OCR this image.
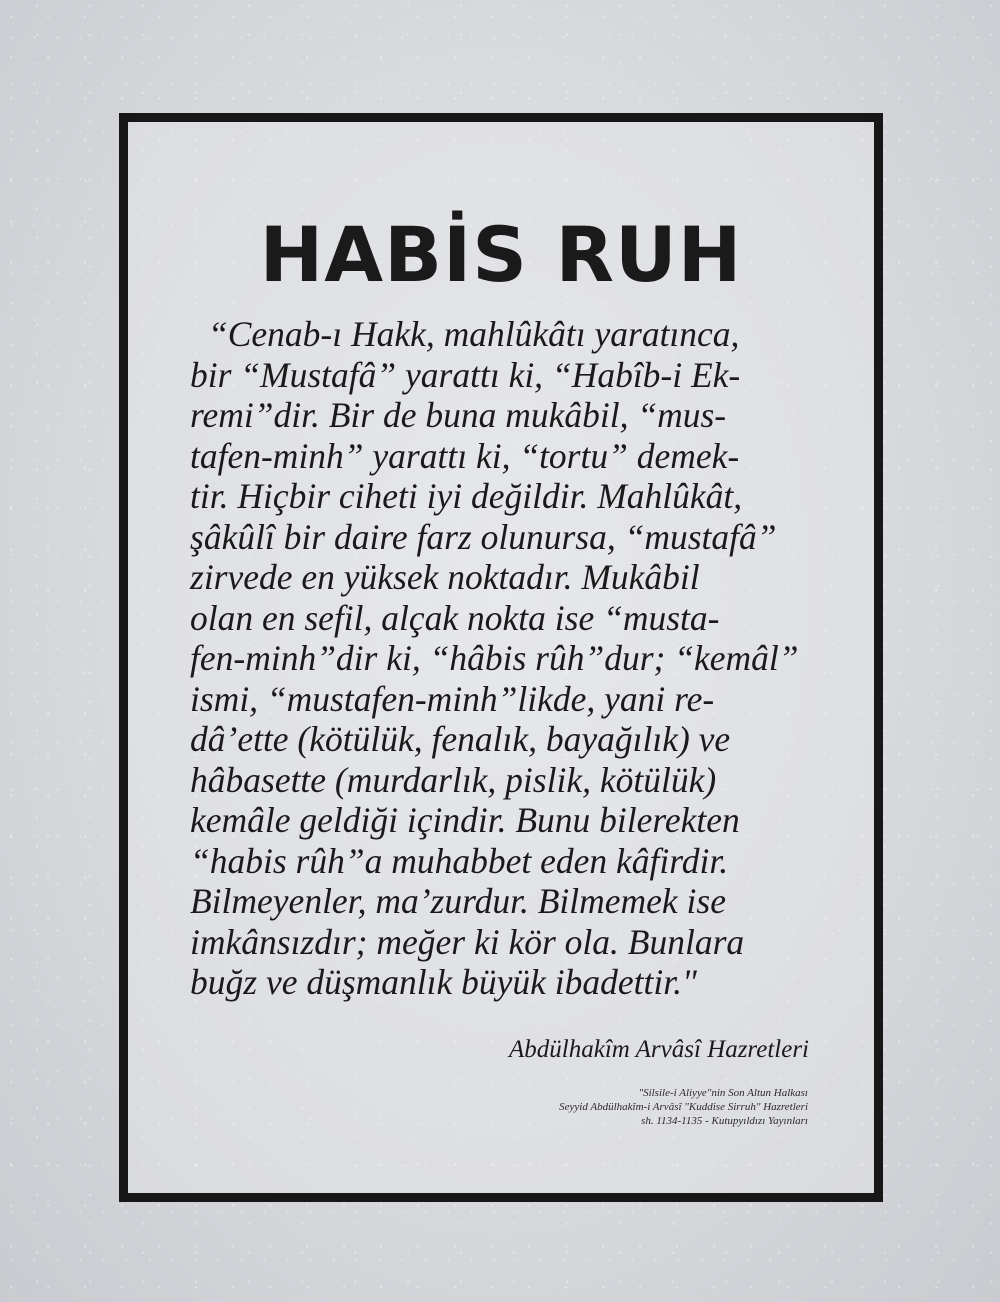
HABİS RUH

“Cenab-ı Hakk, mahlûkâtı yaratınca,
bir “Mustafâ” yarattı ki, “Habîb-i Ek-
remi”dir. Bir de buna mukâbil, “mus-
tafen-minh” yarattı ki, “tortu” demek-
tir. Hiçbir ciheti iyi değildir. Mahlûkât,
şâkûlî bir daire farz olunursa, “mustafâ”
zirvede en yüksek noktadır. Mukâbil
olan en sefil, alçak nokta ise “musta-
fen-minh”dir ki, “hâbis rûh”dur; “kemâl”
ismi, “mustafen-minh”likde, yani re-
dâ’ette (kötülük, fenalık, bayağılık) ve
hâbasette (murdarlık, pislik, kötülük)
kemâle geldiği içindir. Bunu bilerekten
“habis rûh”a muhabbet eden kâfirdir.
Bilmeyenler, ma’zurdur. Bilmemek ise
imkânsızdır; meğer ki kör ola. Bunlara
buğz ve düşmanlık büyük ibadettir."

Abdülhakîm Arvâsî Hazretleri
"Silsile-i Aliyye"nin Son Altun Halkası
Seyyid Abdülhakîm-i Arvâsî "Kuddise Sirruh" Hazretleri
sh. 1134-1135 - Kutupyıldızı Yayınları
